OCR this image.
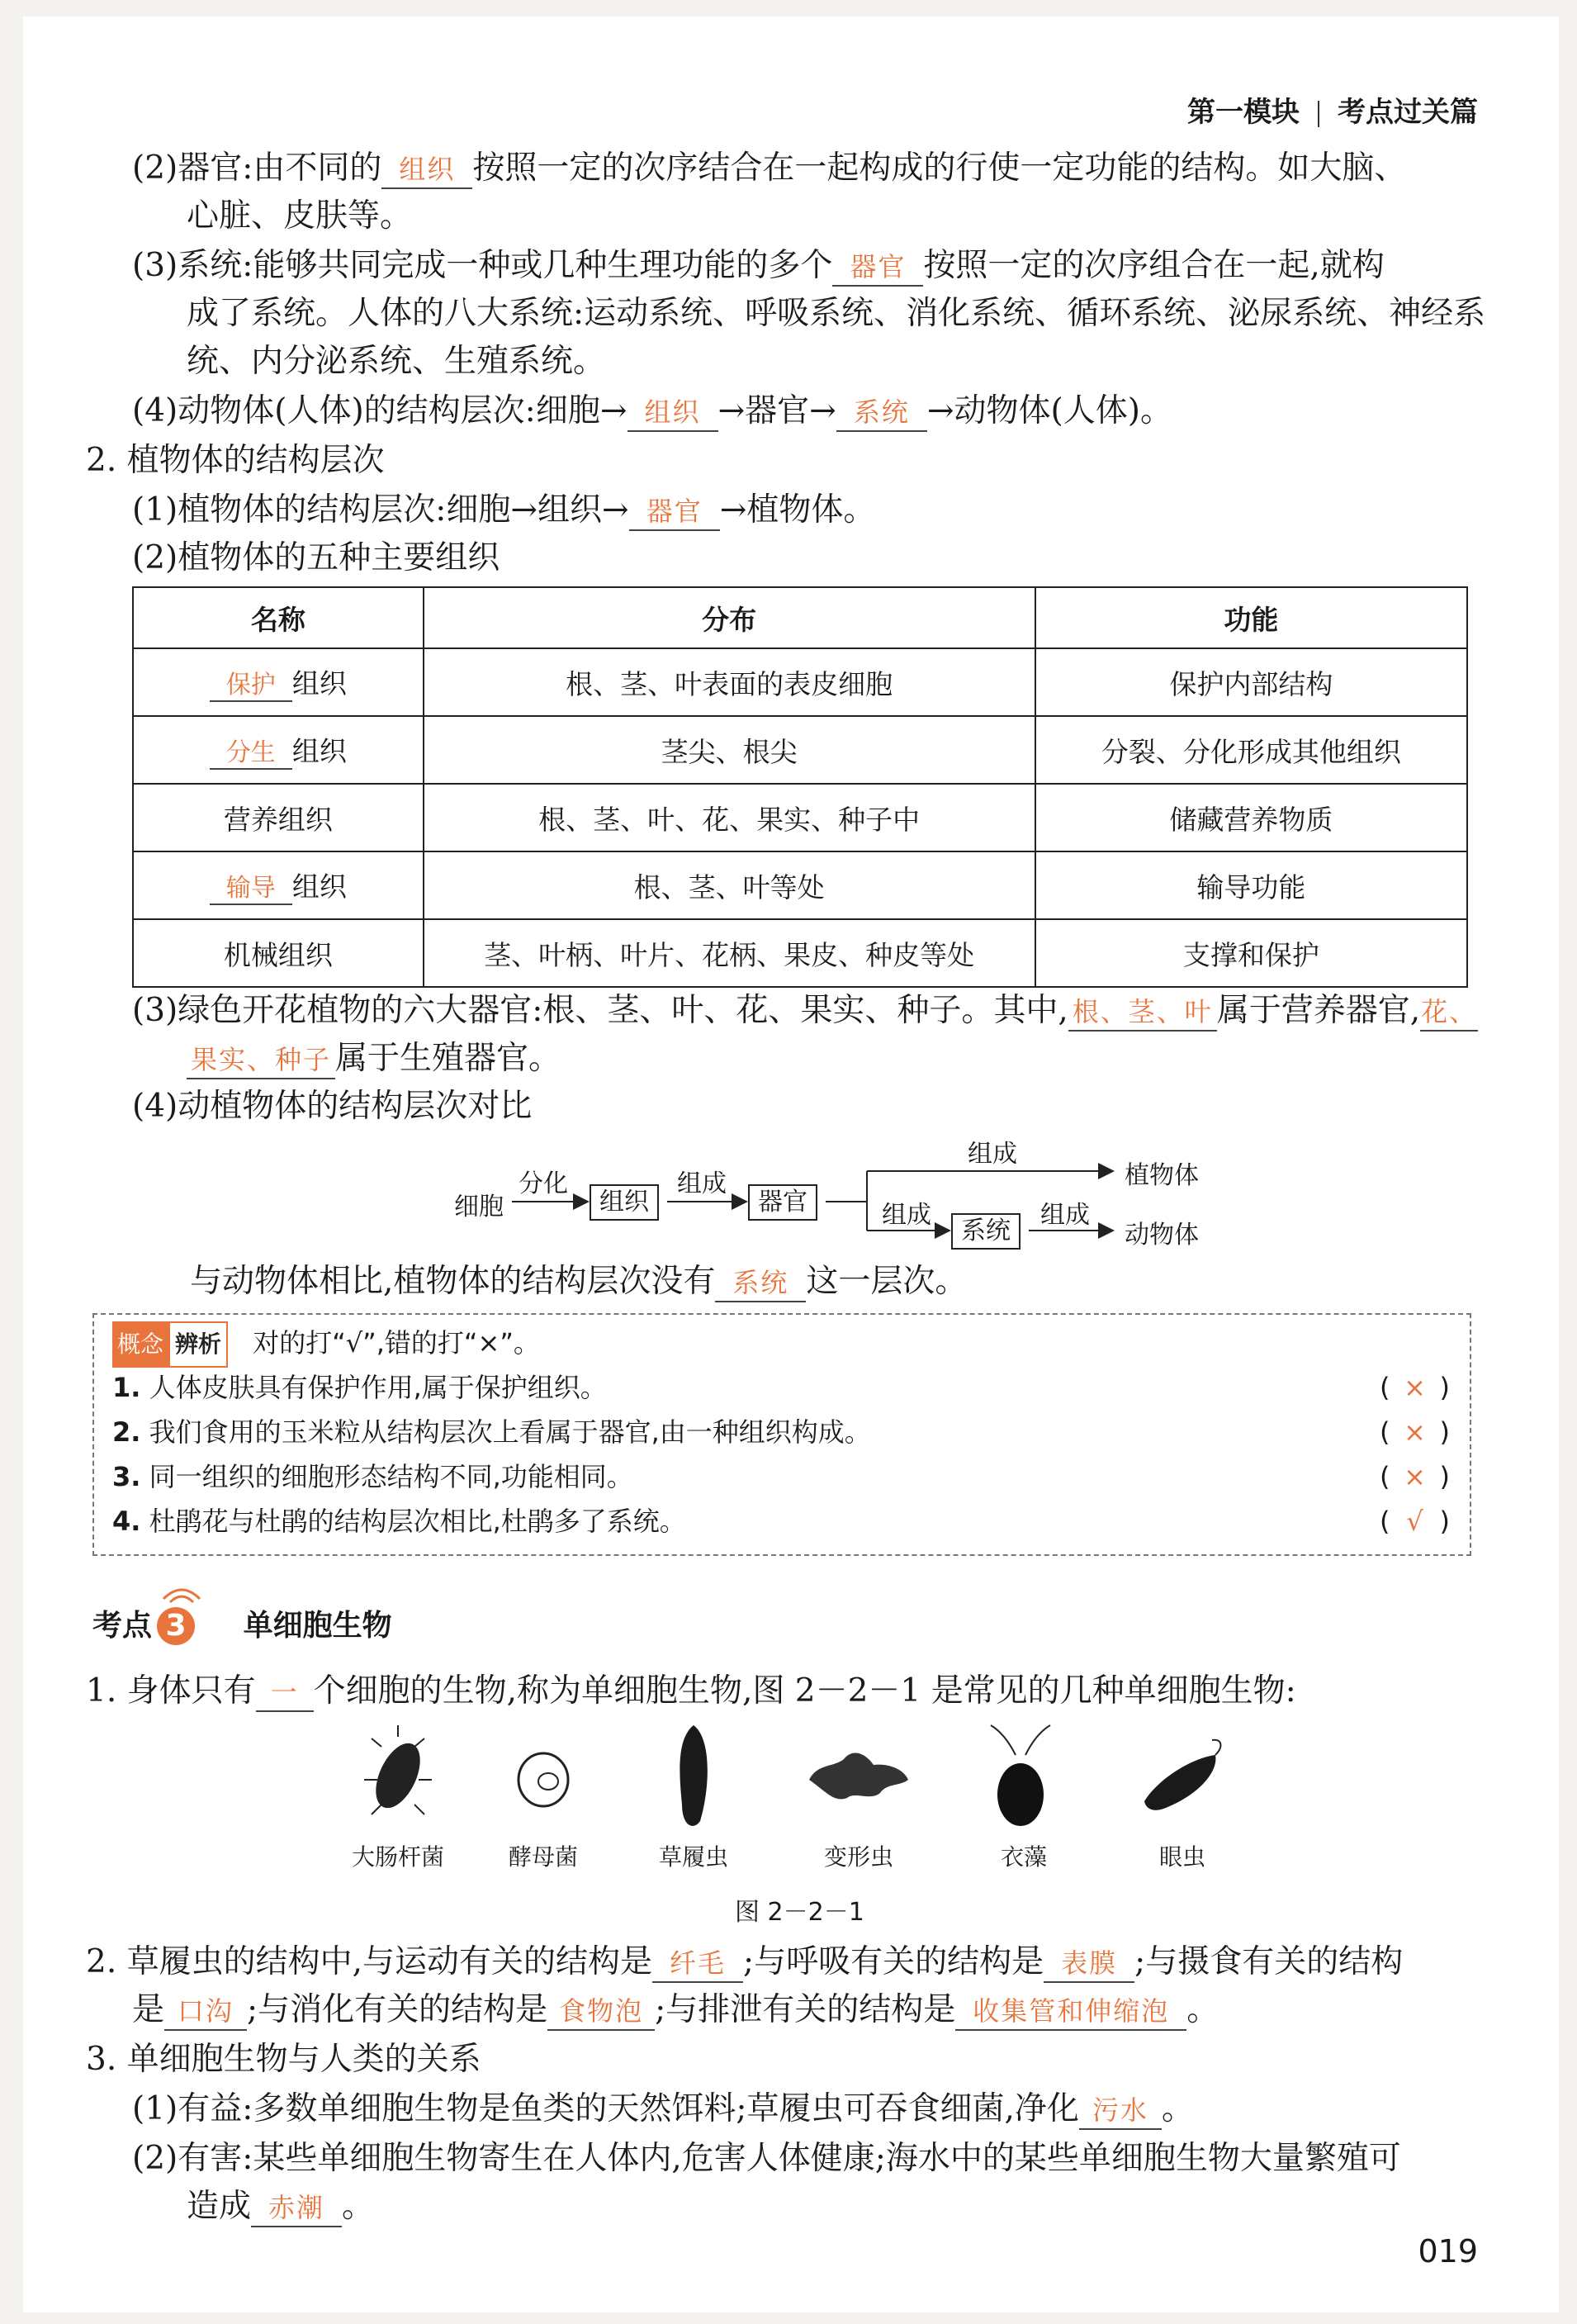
第一模块 考点过关篇
(2)器官:由不同的 组织 按照一定的次序结合在一起构成的行使一定功能的结构。如大脑、
心脏、皮肤等。
(3)系统:能够共同完成一种或几种生理功能的多个 器官 按照一定的次序组合在一起,就构
成了系统。人体的八大系统:运动系统、呼吸系统、消化系统、循环系统、泌尿系统、神经系
统、内分泌系统、生殖系统。
(4)动物体(人体)的结构层次:细胞→ 组织 →器官→ 系统 →动物体(人体)。
2. 植物体的结构层次
(1)植物体的结构层次:细胞→组织→ 器官 →植物体。
(2)植物体的五种主要组织
名称	分布	功能
保护 组织	根、茎、叶表面的表皮细胞	保护内部结构
分生 组织	茎尖、根尖	分裂、分化形成其他组织
营养组织	根、茎、叶、花、果实、种子中	储藏营养物质
输导 组织	根、茎、叶等处	输导功能
机械组织	茎、叶柄、叶片、花柄、果皮、种皮等处	支撑和保护
(3)绿色开花植物的六大器官:根、茎、叶、花、果实、种子。其中, 根、茎、叶 属于营养器官,花、
果实、种子 属于生殖器官。
(4)动植物体的结构层次对比
细胞
分化
组织
组成
器官
组成
植物体
组成
系统
组成
动物体
与动物体相比,植物体的结构层次没有 系统 这一层次。
概念 辨析 对的打“√”,错的打“×”。
1. 人体皮肤具有保护作用,属于保护组织。	( × )
2. 我们食用的玉米粒从结构层次上看属于器官,由一种组织构成。	( × )
3. 同一组织的细胞形态结构不同,功能相同。	( × )
4. 杜鹃花与杜鹃的结构层次相比,杜鹃多了系统。	( √ )
考点 3 单细胞生物
1. 身体只有 一 个细胞的生物,称为单细胞生物,图 2－2－1 是常见的几种单细胞生物:
大肠杆菌	酵母菌	草履虫	变形虫	衣藻	眼虫
图 2－2－1
2. 草履虫的结构中,与运动有关的结构是 纤毛 ;与呼吸有关的结构是 表膜 ;与摄食有关的结构
是 口沟 ;与消化有关的结构是 食物泡 ;与排泄有关的结构是 收集管和伸缩泡 。
3. 单细胞生物与人类的关系
(1)有益:多数单细胞生物是鱼类的天然饵料;草履虫可吞食细菌,净化 污水 。
(2)有害:某些单细胞生物寄生在人体内,危害人体健康;海水中的某些单细胞生物大量繁殖可
造成 赤潮 。
019
